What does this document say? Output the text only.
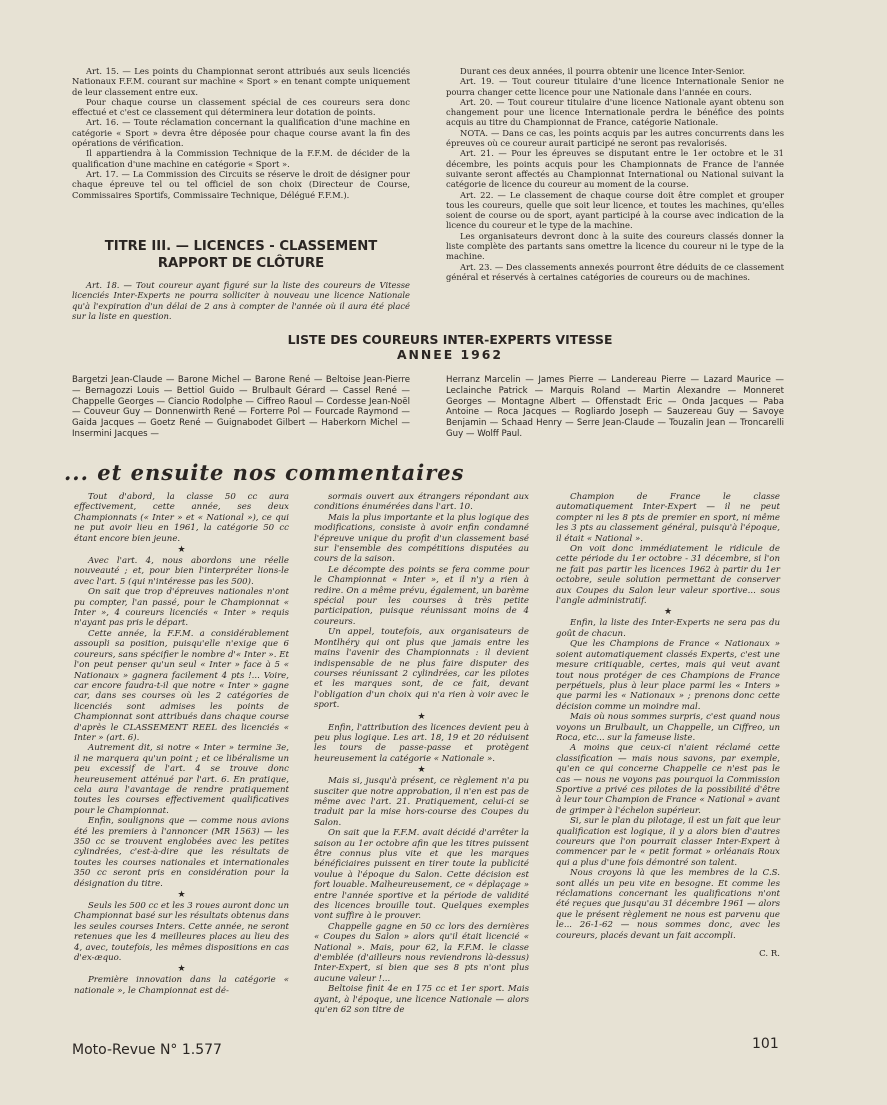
Art. 15. — Les points du Championnat seront attribués aux seuls licenciés Nationaux F.F.M. courant sur machine « Sport » en tenant compte uniquement de leur classement entre eux.

Pour chaque course un classement spécial de ces coureurs sera donc effectué et c'est ce classement qui déterminera leur dotation de points.

Art. 16. — Toute réclamation concernant la qualification d'une machine en catégorie « Sport » devra être déposée pour chaque course avant la fin des opérations de vérification.

Il appartiendra à la Commission Technique de la F.F.M. de décider de la qualification d'une machine en catégorie « Sport ».

Art. 17. — La Commission des Circuits se réserve le droit de désigner pour chaque épreuve tel ou tel officiel de son choix (Directeur de Course, Commissaires Sportifs, Commissaire Technique, Délégué F.F.M.).

TITRE III. — LICENCES - CLASSEMENT
RAPPORT DE CLÔTURE

Art. 18. — Tout coureur ayant figuré sur la liste des coureurs de Vitesse licenciés Inter-Experts ne pourra solliciter à nouveau une licence Nationale qu'à l'expiration d'un délai de 2 ans à compter de l'année où il aura été placé sur la liste en question.

Durant ces deux années, il pourra obtenir une licence Inter-Senior.

Art. 19. — Tout coureur titulaire d'une licence Internationale Senior ne pourra changer cette licence pour une Nationale dans l'année en cours.

Art. 20. — Tout coureur titulaire d'une licence Nationale ayant obtenu son changement pour une licence Internationale perdra le bénéfice des points acquis au titre du Championnat de France, catégorie Nationale.

NOTA. — Dans ce cas, les points acquis par les autres concurrents dans les épreuves où ce coureur aurait participé ne seront pas revalorisés.

Art. 21. — Pour les épreuves se disputant entre le 1er octobre et le 31 décembre, les points acquis pour les Championnats de France de l'année suivante seront affectés au Championnat International ou National suivant la catégorie de licence du coureur au moment de la course.

Art. 22. — Le classement de chaque course doit être complet et grouper tous les coureurs, quelle que soit leur licence, et toutes les machines, qu'elles soient de course ou de sport, ayant participé à la course avec indication de la licence du coureur et le type de la machine.

Les organisateurs devront donc à la suite des coureurs classés donner la liste complète des partants sans omettre la licence du coureur ni le type de la machine.

Art. 23. — Des classements annexés pourront être déduits de ce classement général et réservés à certaines catégories de coureurs ou de machines.

LISTE DES COUREURS INTER-EXPERTS VITESSE
ANNEE 1962

Bargetzi Jean-Claude — Barone Michel — Barone René — Beltoise Jean-Pierre — Bernagozzi Louis — Bettiol Guido — Brulbault Gérard — Cassel René — Chappelle Georges — Ciancio Rodolphe — Ciffreo Raoul — Cordesse Jean-Noël — Couveur Guy — Donnenwirth René — Forterre Pol — Fourcade Raymond — Gaida Jacques — Goetz René — Guignabodet Gilbert — Haberkorn Michel — Insermini Jacques —

Herranz Marcelin — James Pierre — Landereau Pierre — Lazard Maurice — Leclainche Patrick — Marquis Roland — Martin Alexandre — Monneret Georges — Montagne Albert — Offenstadt Eric — Onda Jacques — Paba Antoine — Roca Jacques — Rogliardo Joseph — Sauzereau Guy — Savoye Benjamin — Schaad Henry — Serre Jean-Claude — Touzalin Jean — Troncarelli Guy — Wolff Paul.

... et ensuite nos commentaires

Tout d'abord, la classe 50 cc aura effectivement, cette année, ses deux Championnats (« Inter » et « National »), ce qui ne put avoir lieu en 1961, la catégorie 50 cc étant encore bien jeune.

★

Avec l'art. 4, nous abordons une réelle nouveauté ; et, pour bien l'interpréter lions-le avec l'art. 5 (qui n'intéresse pas les 500).

On sait que trop d'épreuves nationales n'ont pu compter, l'an passé, pour le Championnat « Inter », 4 coureurs licenciés « Inter » requis n'ayant pas pris le départ.

Cette année, la F.F.M. a considérablement assoupli sa position, puisqu'elle n'exige que 6 coureurs, sans spécifier le nombre d'« Inter ». Et l'on peut penser qu'un seul « Inter » face à 5 « Nationaux » gagnera facilement 4 pts !... Voire, car encore faudra-t-il que notre « Inter » gagne car, dans ses courses où les 2 catégories de licenciés sont admises les points de Championnat sont attribués dans chaque course d'après le CLASSEMENT REEL des licenciés « Inter » (art. 6).

Autrement dit, si notre « Inter » termine 3e, il ne marquera qu'un point ; et ce libéralisme un peu excessif de l'art. 4 se trouve donc heureusement atténué par l'art. 6. En pratique, cela aura l'avantage de rendre pratiquement toutes les courses effectivement qualificatives pour le Championnat.

Enfin, soulignons que — comme nous avions été les premiers à l'annoncer (MR 1563) — les 350 cc se trouvent englobées avec les petites cylindrées, c'est-à-dire que les résultats de toutes les courses nationales et internationales 350 cc seront pris en considération pour la désignation du titre.

★

Seuls les 500 cc et les 3 roues auront donc un Championnat basé sur les résultats obtenus dans les seules courses Inters. Cette année, ne seront retenues que les 4 meilleures places au lieu des 4, avec, toutefois, les mêmes dispositions en cas d'ex-æquo.

★

Première innovation dans la catégorie « nationale », le Championnat est dé-

sormais ouvert aux étrangers répondant aux conditions énumérées dans l'art. 10.

Mais la plus importante et la plus logique des modifications, consiste à avoir enfin condamné l'épreuve unique du profit d'un classement basé sur l'ensemble des compétitions disputées au cours de la saison.

Le décompte des points se fera comme pour le Championnat « Inter », et il n'y a rien à redire. On a même prévu, également, un barème spécial pour les courses à très petite participation, puisque réunissant moins de 4 coureurs.

Un appel, toutefois, aux organisateurs de Montlhéry qui ont plus que jamais entre les mains l'avenir des Championnats : il devient indispensable de ne plus faire disputer des courses réunissant 2 cylindrées, car les pilotes et les marques sont, de ce fait, devant l'obligation d'un choix qui n'a rien à voir avec le sport.

★

Enfin, l'attribution des licences devient peu à peu plus logique. Les art. 18, 19 et 20 réduisent les tours de passe-passe et protègent heureusement la catégorie « Nationale ».

★

Mais si, jusqu'à présent, ce règlement n'a pu susciter que notre approbation, il n'en est pas de même avec l'art. 21. Pratiquement, celui-ci se traduit par la mise hors-course des Coupes du Salon.

On sait que la F.F.M. avait décidé d'arrêter la saison au 1er octobre afin que les titres puissent être connus plus vite et que les marques bénéficiaires puissent en tirer toute la publicité voulue à l'époque du Salon. Cette décision est fort louable. Malheureusement, ce « déplaçage » entre l'année sportive et la période de validité des licences brouille tout. Quelques exemples vont suffire à le prouver.

Chappelle gagne en 50 cc lors des dernières « Coupes du Salon » alors qu'il était licencié « National ». Mais, pour 62, la F.F.M. le classe d'emblée (d'ailleurs nous reviendrons là-dessus) Inter-Expert, si bien que ses 8 pts n'ont plus aucune valeur !...

Beltoise finit 4e en 175 cc et 1er sport. Mais ayant, à l'époque, une licence Nationale — alors qu'en 62 son titre de

Champion de France le classe automatiquement Inter-Expert — il ne peut compter ni les 8 pts de premier en sport, ni même les 3 pts au classement général, puisqu'à l'époque, il était « National ».

On voit donc immédiatement le ridicule de cette période du 1er octobre - 31 décembre, si l'on ne fait pas partir les licences 1962 à partir du 1er octobre, seule solution permettant de conserver aux Coupes du Salon leur valeur sportive... sous l'angle administratif.

★

Enfin, la liste des Inter-Experts ne sera pas du goût de chacun.

Que les Champions de France « Nationaux » soient automatiquement classés Experts, c'est une mesure critiquable, certes, mais qui veut avant tout nous protéger de ces Champions de France perpétuels, plus à leur place parmi les « Inters » que parmi les « Nationaux » ; prenons donc cette décision comme un moindre mal.

Mais où nous sommes surpris, c'est quand nous voyons un Brulbault, un Chappelle, un Ciffreo, un Roca, etc... sur la fameuse liste.

A moins que ceux-ci n'aient réclamé cette classification — mais nous savons, par exemple, qu'en ce qui concerne Chappelle ce n'est pas le cas — nous ne voyons pas pourquoi la Commission Sportive a privé ces pilotes de la possibilité d'être à leur tour Champion de France « National » avant de grimper à l'échelon supérieur.

Si, sur le plan du pilotage, il est un fait que leur qualification est logique, il y a alors bien d'autres coureurs que l'on pourrait classer Inter-Expert à commencer par le « petit format » orléanais Roux qui a plus d'une fois démontré son talent.

Nous croyons là que les membres de la C.S. sont allés un peu vite en besogne. Et comme les réclamations concernant les qualifications n'ont été reçues que jusqu'au 31 décembre 1961 — alors que le présent règlement ne nous est parvenu que le... 26-1-62 — nous sommes donc, avec les coureurs, placés devant un fait accompli.

C. R.
Moto-Revue N° 1.577	101
